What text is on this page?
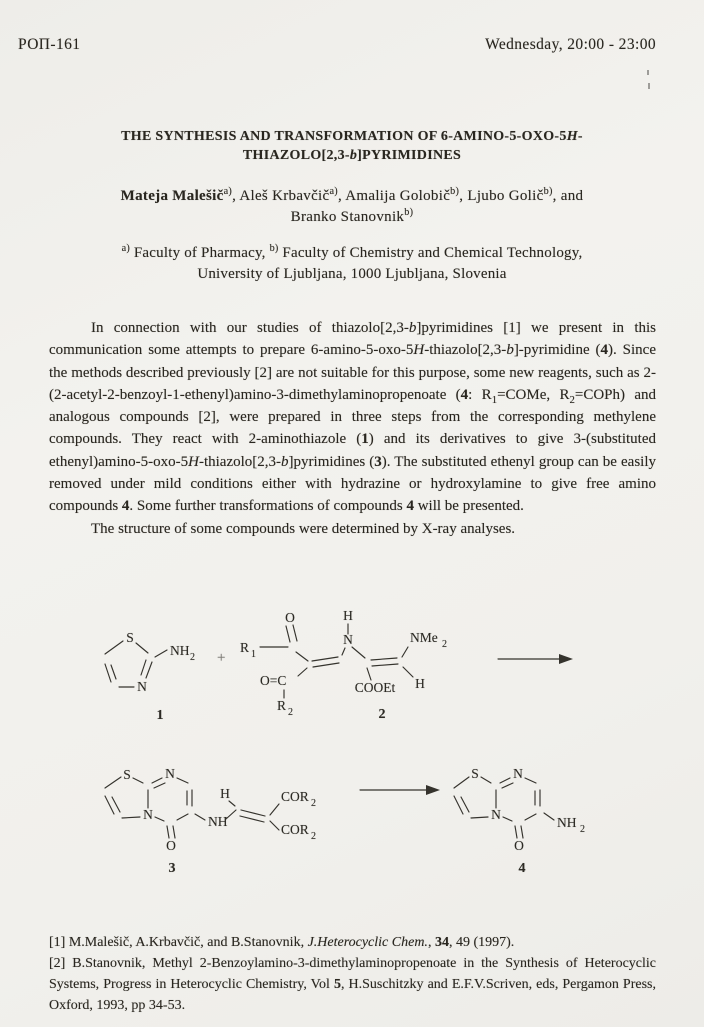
РОП-161	Wednesday, 20:00 - 23:00
THE SYNTHESIS AND TRANSFORMATION OF 6-AMINO-5-OXO-5H-
THIAZOLO[2,3-b]PYRIMIDINES
Mateja Malešič$^{a)}$, Aleš Krbavčič$^{a)}$, Amalija Golobič$^{b)}$, Ljubo Golič$^{b)}$, and
Branko Stanovnik$^{b)}$
$^{a)}$ Faculty of Pharmacy, $^{b)}$ Faculty of Chemistry and Chemical Technology,
University of Ljubljana, 1000 Ljubljana, Slovenia

In connection with our studies of thiazolo[2,3-b]pyrimidines [1] we present in this communication some attempts to prepare 6-amino-5-oxo-5H-thiazolo[2,3-b]-pyrimidine (4). Since the methods described previously [2] are not suitable for this purpose, some new reagents, such as 2-(2-acetyl-2-benzoyl-1-ethenyl)amino-3-dimethylaminopropenoate (4: $R_1=COMe$, $R_2=COPh$) and analogous compounds [2], were prepared in three steps from the corresponding methylene compounds. They react with 2-aminothiazole (1) and its derivatives to give 3-(substituted ethenyl)amino-5-oxo-5H-thiazolo[2,3-b]pyrimidines (3). The substituted ethenyl group can be easily removed under mild conditions either with hydrazine or hydroxylamine to give free amino compounds 4. Some further transformations of compounds 4 will be presented.

The structure of some compounds were determined by X-ray analyses.

S
N
NH 2
1
+
R 1
O
N
H
COOEt H
NMe 2
O=C
R 2	2
S
N
N
O
NH
H	COR 2
COR 2
3
S
N
N
O
NH 2
4

[1] M.Malešič, A.Krbavčič, and B.Stanovnik, J.Heterocyclic Chem., 34, 49 (1997).

[2] B.Stanovnik, Methyl 2-Benzoylamino-3-dimethylaminopropenoate in the Synthesis of Heterocyclic Systems, Progress in Heterocyclic Chemistry, Vol 5, H.Suschitzky and E.F.V.Scriven, eds, Pergamon Press, Oxford, 1993, pp 34-53.
